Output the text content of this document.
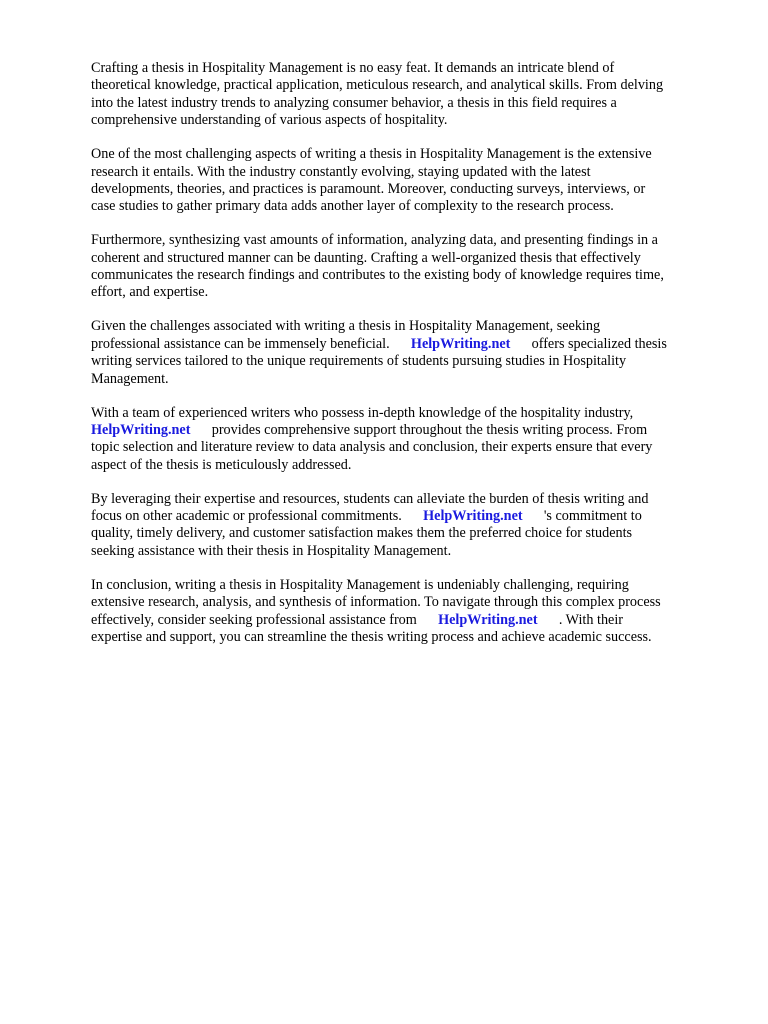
Crafting a thesis in Hospitality Management is no easy feat. It demands an intricate blend of
theoretical knowledge, practical application, meticulous research, and analytical skills. From delving
into the latest industry trends to analyzing consumer behavior, a thesis in this field requires a
comprehensive understanding of various aspects of hospitality.

One of the most challenging aspects of writing a thesis in Hospitality Management is the extensive
research it entails. With the industry constantly evolving, staying updated with the latest
developments, theories, and practices is paramount. Moreover, conducting surveys, interviews, or
case studies to gather primary data adds another layer of complexity to the research process.

Furthermore, synthesizing vast amounts of information, analyzing data, and presenting findings in a
coherent and structured manner can be daunting. Crafting a well-organized thesis that effectively
communicates the research findings and contributes to the existing body of knowledge requires time,
effort, and expertise.

Given the challenges associated with writing a thesis in Hospitality Management, seeking
professional assistance can be immensely beneficial.      HelpWriting.net      offers specialized thesis
writing services tailored to the unique requirements of students pursuing studies in Hospitality
Management.

With a team of experienced writers who possess in-depth knowledge of the hospitality industry,
HelpWriting.net      provides comprehensive support throughout the thesis writing process. From
topic selection and literature review to data analysis and conclusion, their experts ensure that every
aspect of the thesis is meticulously addressed.

By leveraging their expertise and resources, students can alleviate the burden of thesis writing and
focus on other academic or professional commitments.      HelpWriting.net      's commitment to
quality, timely delivery, and customer satisfaction makes them the preferred choice for students
seeking assistance with their thesis in Hospitality Management.

In conclusion, writing a thesis in Hospitality Management is undeniably challenging, requiring
extensive research, analysis, and synthesis of information. To navigate through this complex process
effectively, consider seeking professional assistance from      HelpWriting.net      . With their
expertise and support, you can streamline the thesis writing process and achieve academic success.
